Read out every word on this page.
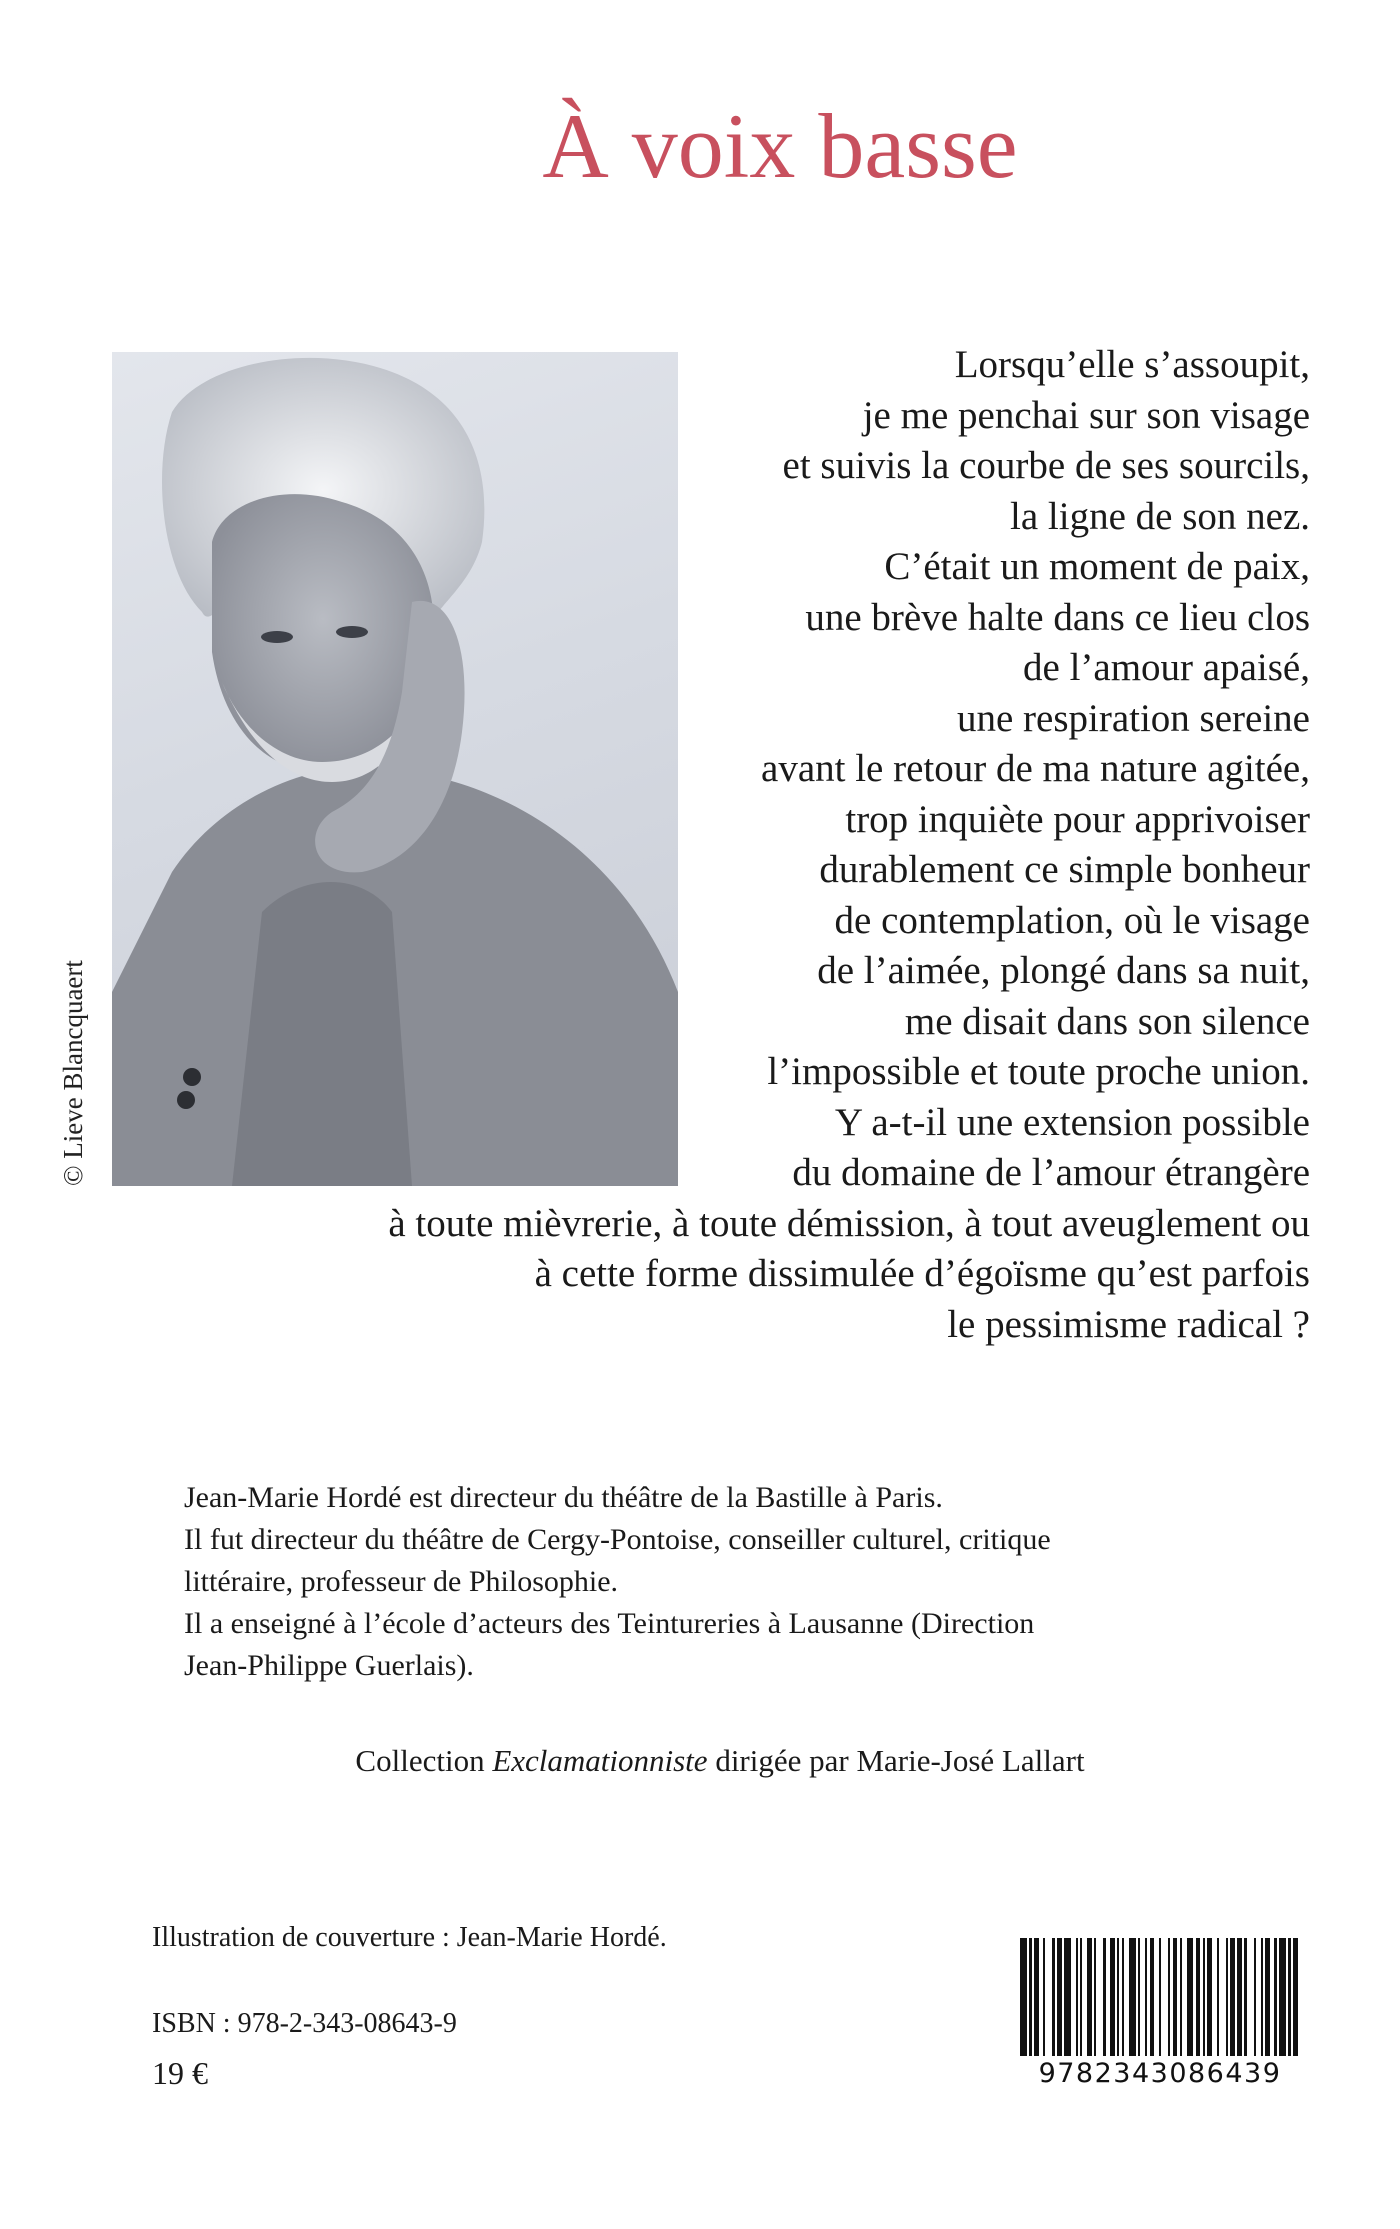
À voix basse
© Lieve Blancquaert
Lorsqu’elle s’assoupit,
je me penchai sur son visage
et suivis la courbe de ses sourcils,
la ligne de son nez.
C’était un moment de paix,
une brève halte dans ce lieu clos
de l’amour apaisé,
une respiration sereine
avant le retour de ma nature agitée,
trop inquiète pour apprivoiser
durablement ce simple bonheur
de contemplation, où le visage
de l’aimée, plongé dans sa nuit,
me disait dans son silence
l’impossible et toute proche union.
Y a-t-il une extension possible
du domaine de l’amour étrangère
à toute mièvrerie, à toute démission, à tout aveuglement ou
à cette forme dissimulée d’égoïsme qu’est parfois
le pessimisme radical ?
Jean-Marie Hordé est directeur du théâtre de la Bastille à Paris.
Il fut directeur du théâtre de Cergy-Pontoise, conseiller culturel, critique
littéraire, professeur de Philosophie.
Il a enseigné à l’école d’acteurs des Teintureries à Lausanne (Direction
Jean-Philippe Guerlais).
Collection Exclamationniste dirigée par Marie-José Lallart
Illustration de couverture : Jean-Marie Hordé.
ISBN : 978-2-343-08643-9
19 €	9782343086439
